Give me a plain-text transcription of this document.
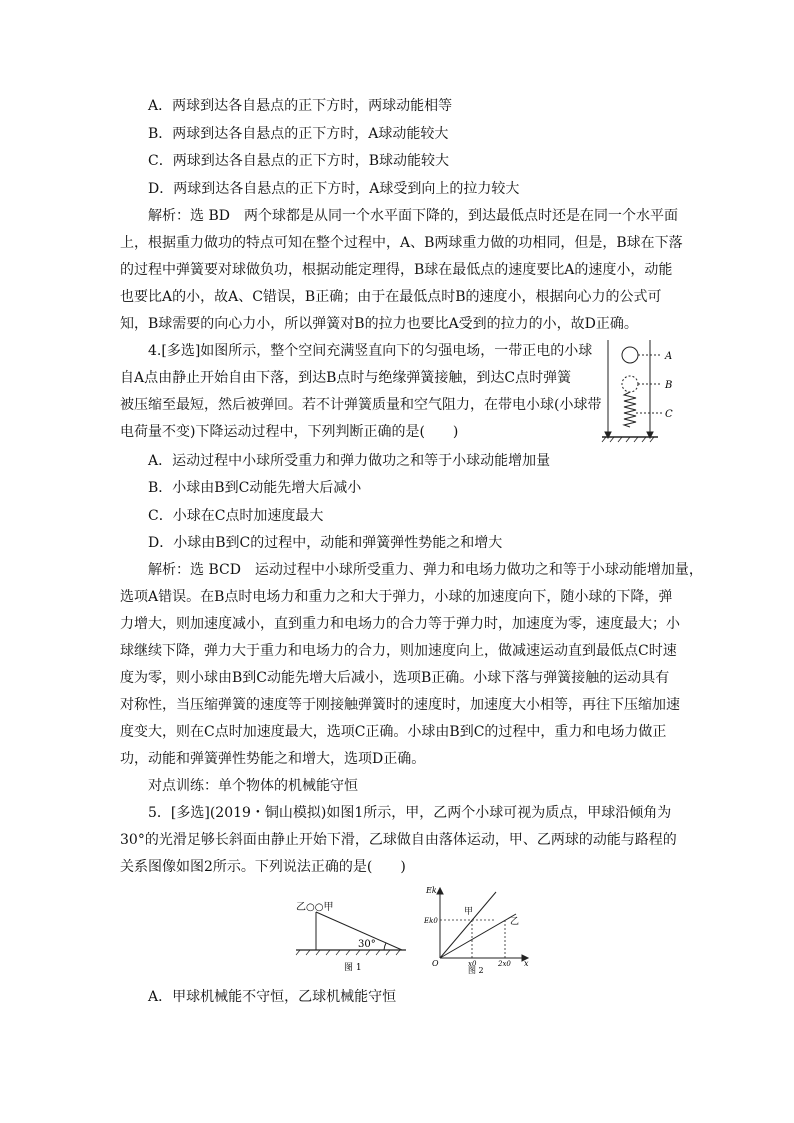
A．两球到达各自悬点的正下方时，两球动能相等
B．两球到达各自悬点的正下方时，A球动能较大
C．两球到达各自悬点的正下方时，B球动能较大
D．两球到达各自悬点的正下方时，A球受到向上的拉力较大
解析：选 BD　两个球都是从同一个水平面下降的，到达最低点时还是在同一个水平面
上，根据重力做功的特点可知在整个过程中，A、B两球重力做的功相同，但是，B球在下落
的过程中弹簧要对球做负功，根据动能定理得，B球在最低点的速度要比A的速度小，动能
也要比A的小，故A、C错误，B正确；由于在最低点时B的速度小，根据向心力的公式可
知，B球需要的向心力小，所以弹簧对B的拉力也要比A受到的拉力的小，故D正确。
4.[多选]如图所示，整个空间充满竖直向下的匀强电场，一带正电的小球
自A点由静止开始自由下落，到达B点时与绝缘弹簧接触，到达C点时弹簧
被压缩至最短，然后被弹回。若不计弹簧质量和空气阻力，在带电小球(小球带
电荷量不变)下降运动过程中，下列判断正确的是(　　)
A
B
C
A．运动过程中小球所受重力和弹力做功之和等于小球动能增加量
B．小球由B到C动能先增大后减小
C．小球在C点时加速度最大
D．小球由B到C的过程中，动能和弹簧弹性势能之和增大
解析：选 BCD　运动过程中小球所受重力、弹力和电场力做功之和等于小球动能增加量，
选项A错误。在B点时电场力和重力之和大于弹力，小球的加速度向下，随小球的下降，弹
力增大，则加速度减小，直到重力和电场力的合力等于弹力时，加速度为零，速度最大；小
球继续下降，弹力大于重力和电场力的合力，则加速度向上，做减速运动直到最低点C时速
度为零，则小球由B到C动能先增大后减小，选项B正确。小球下落与弹簧接触的运动具有
对称性，当压缩弹簧的速度等于刚接触弹簧时的速度时，加速度大小相等，再往下压缩加速
度变大，则在C点时加速度最大，选项C正确。小球由B到C的过程中，重力和电场力做正
功，动能和弹簧弹性势能之和增大，选项D正确。
对点训练：单个物体的机械能守恒
5．[多选](2019・铜山模拟)如图1所示，甲，乙两个小球可视为质点，甲球沿倾角为
30°的光滑足够长斜面由静止开始下滑，乙球做自由落体运动，甲、乙两球的动能与路程的
关系图像如图2所示。下列说法正确的是(　　)
乙○○甲
30°
图 1
Ek
Ek0
O	x0	2x0 x
甲
乙
图 2
A．甲球机械能不守恒，乙球机械能守恒
